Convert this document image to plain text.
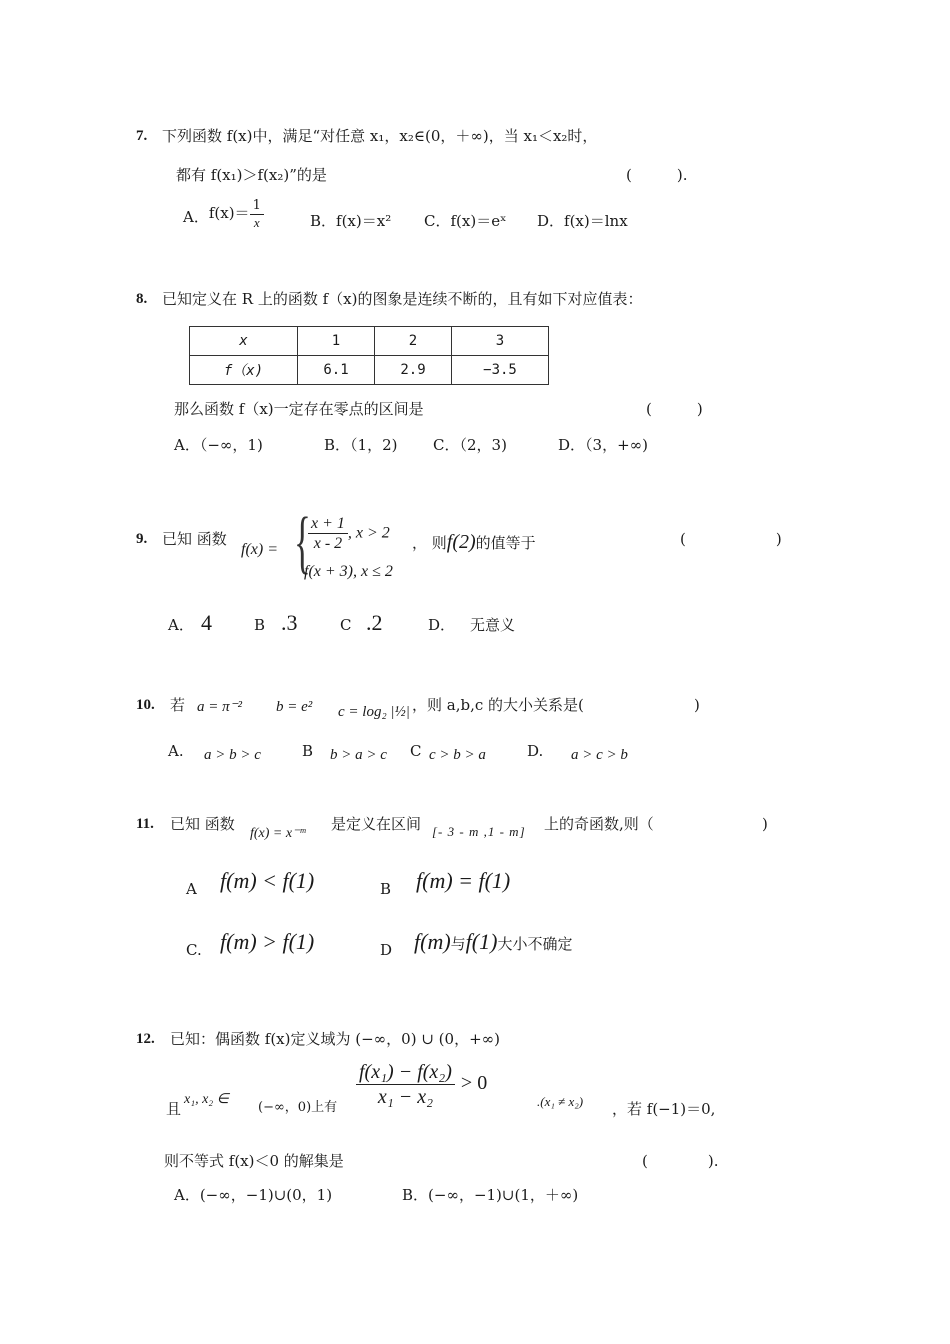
7. 下列函数 f(x)中，满足“对任意 x₁，x₂∈(0，＋∞)，当 x₁＜x₂时，
都有 f(x₁)＞f(x₂)”的是	(　　　).
A．$f(x)= \frac{1}{x}$	B．f(x)＝x² C．f(x)＝eˣ D．f(x)＝lnx
8. 已知定义在 R 上的函数 f（x)的图象是连续不断的，且有如下对应值表：
x	1	2	3
f（x)	6.1	2.9	−3.5
那么函数 f（x)一定存在零点的区间是	(　　　)
A．（−∞，1)	B．（1，2) C．（2，3)	D．（3，+∞)
9. 已知 函数
f(x) = {
$\frac{x + 1}{x - 2}$ , x > 2
f(x + 3), x ≤ 2
， 则f(2)的值等于	(　　　　　　)
A． 4	B .3	C .2	D． 无意义
10. 若 a = π⁻² b = e² c = log₂ |½| ，则 a,b,c 的大小关系是(	)
A. a > b > c	B b > a > c C c > b > a	D. a > c > b
11. 已知 函数
f(x) = x⁻ᵐ
是定义在区间 [- 3 - m ,1 - m] 上的奇函数,则（	)
A f(m) < f(1)	B f(m) = f(1)
C. f(m) > f(1)	D f(m)与f(1)大小不确定
12. 已知：偶函数 f(x)定义域为 (−∞，0) ∪ (0，+∞)
$\frac{\text{f(x₁) − f(x₂)}}{\text{x₁ − x₂}} > 0$
且
x₁, x₂ ∈
(−∞，0)上有	.(x₁ ≠ x₂) ，若 f(−1)＝0,
则不等式 f(x)＜0 的解集是	(　　　　).
A．(−∞，−1)∪(0，1)	B．(−∞，−1)∪(1，＋∞)
